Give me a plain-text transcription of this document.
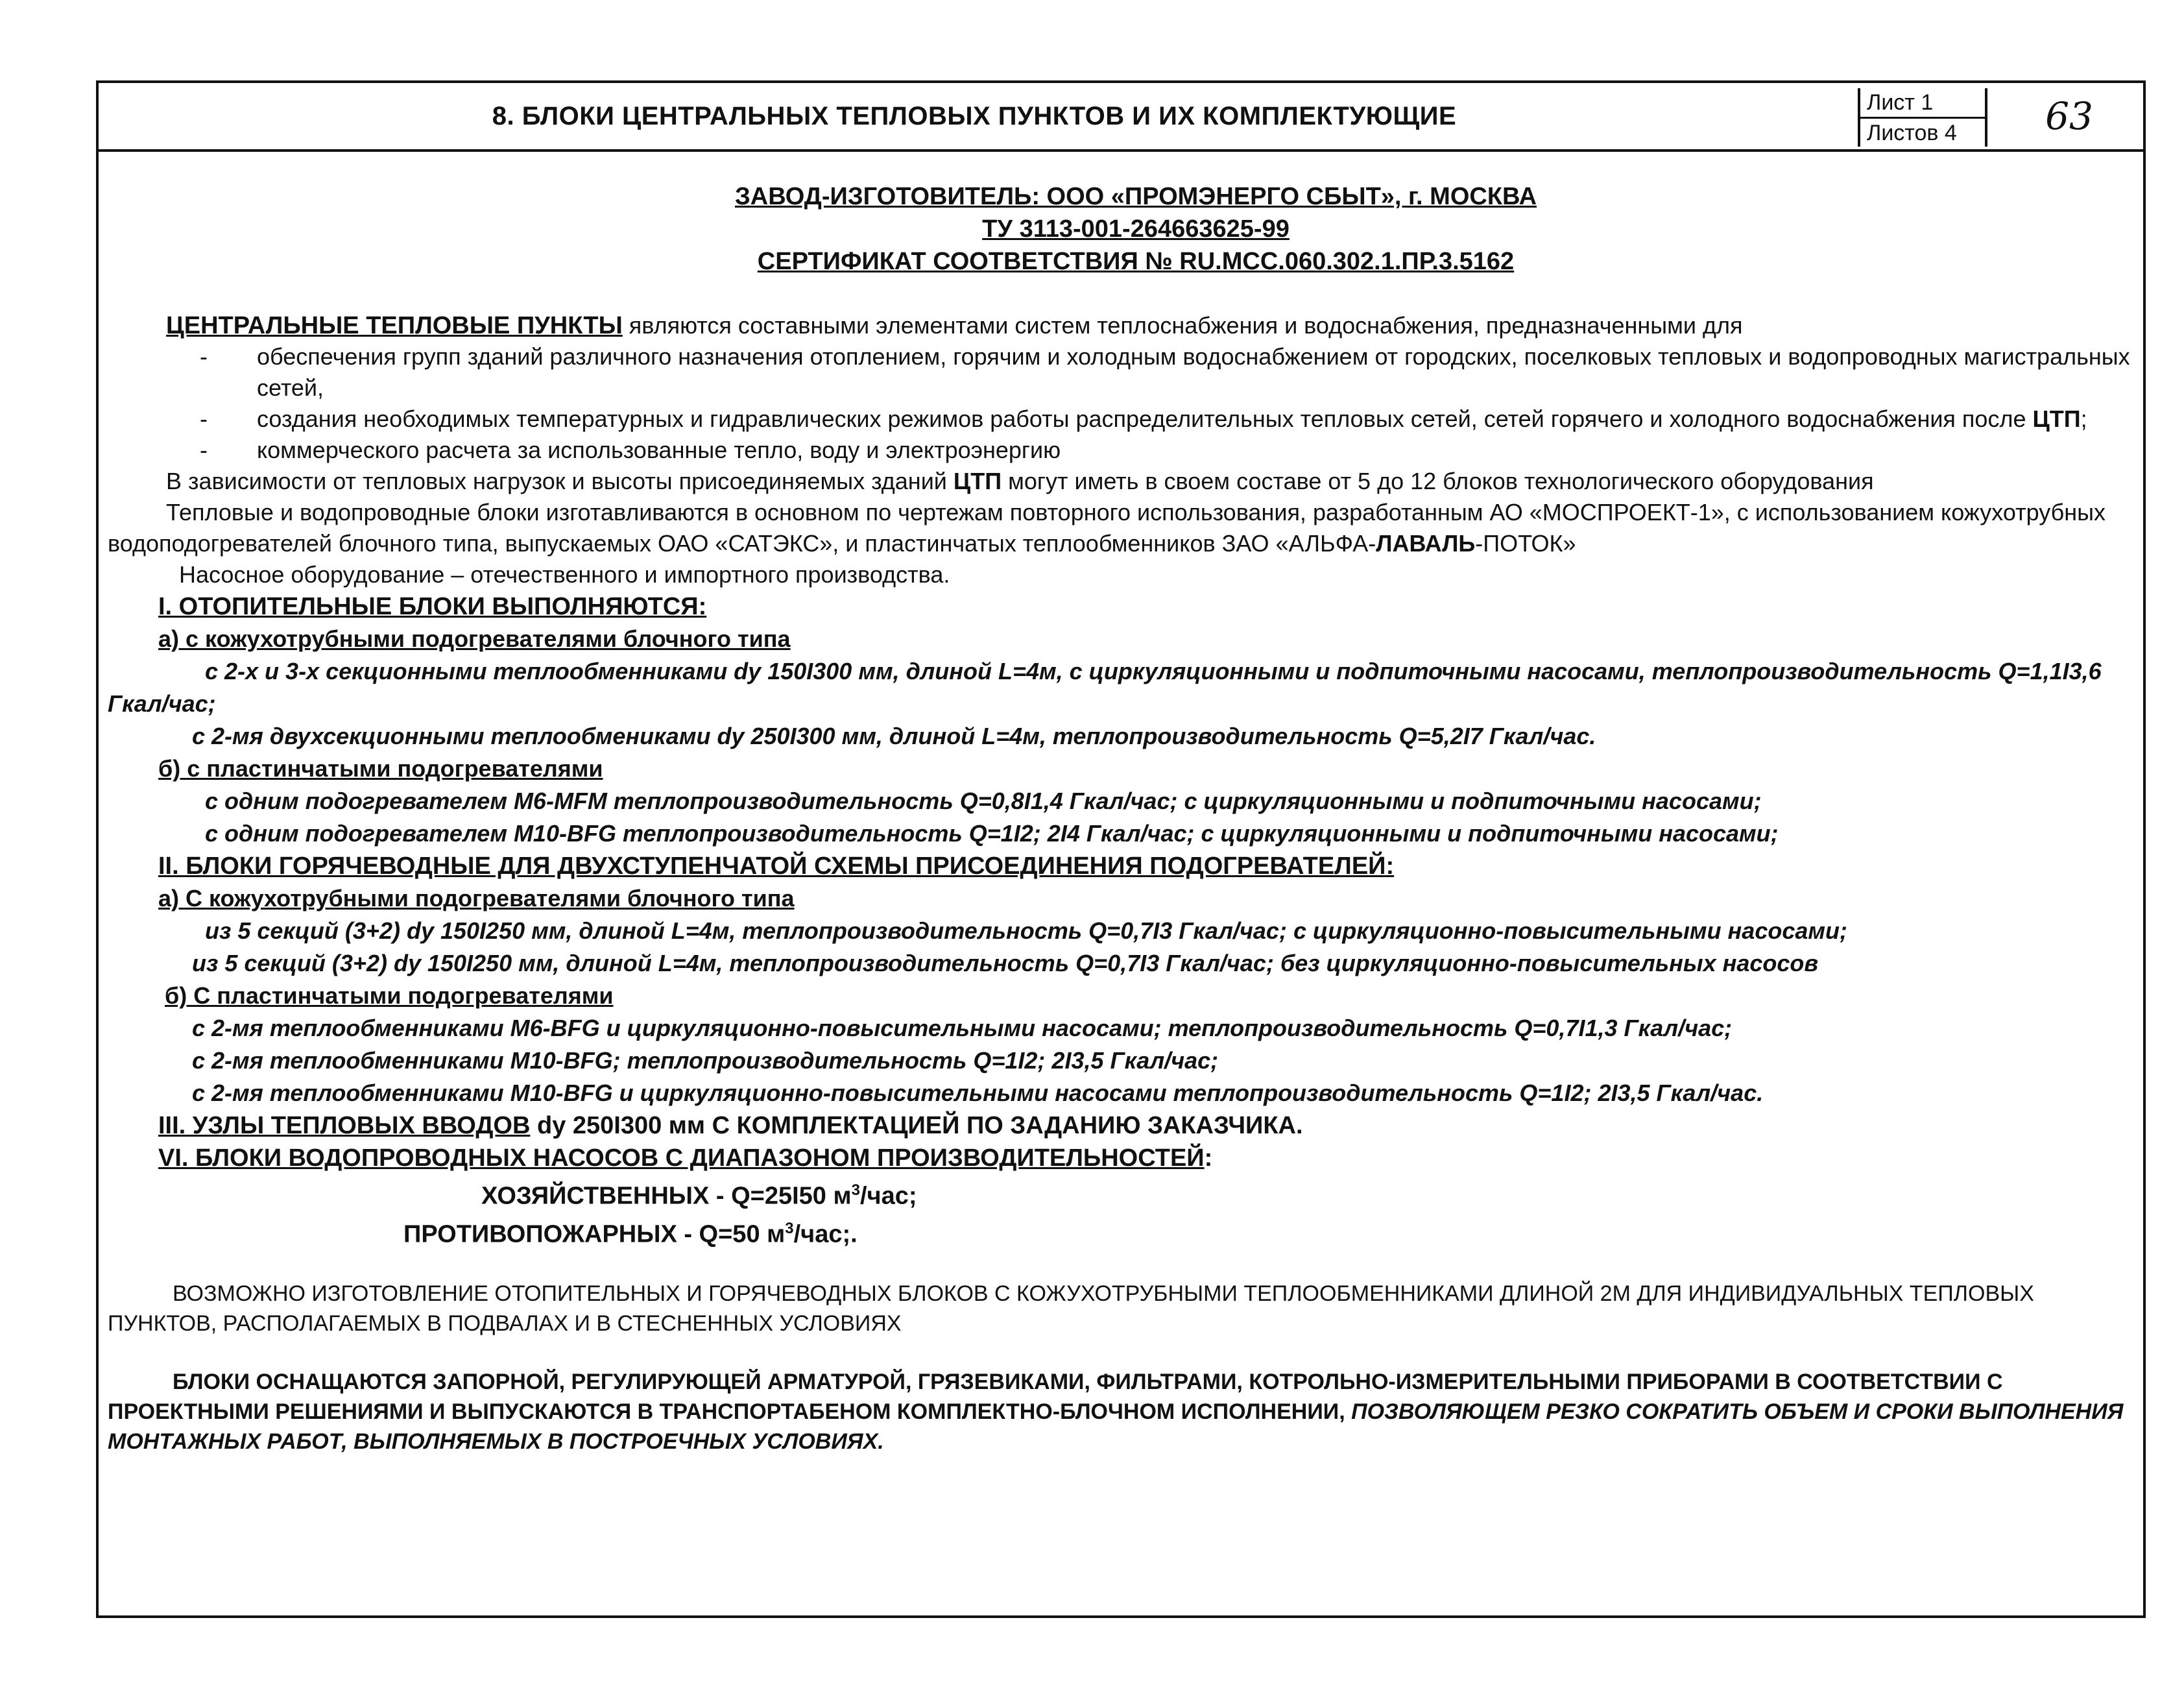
8. БЛОКИ ЦЕНТРАЛЬНЫХ ТЕПЛОВЫХ ПУНКТОВ И ИХ КОМПЛЕКТУЮЩИЕ	Лист 1
Листов 4	63
ЗАВОД-ИЗГОТОВИТЕЛЬ: ООО «ПРОМЭНЕРГО СБЫТ», г. МОСКВА
ТУ 3113-001-264663625-99
СЕРТИФИКАТ СООТВЕТСТВИЯ № RU.MCC.060.302.1.ПР.3.5162

ЦЕНТРАЛЬНЫЕ ТЕПЛОВЫЕ ПУНКТЫ являются составными элементами систем теплоснабжения и водоснабжения, предназначенными для

- обеспечения групп зданий различного назначения отоплением, горячим и холодным водоснабжением от городских, поселковых тепловых и водопроводных магистральных сетей,
- создания необходимых температурных и гидравлических режимов работы распределительных тепловых сетей, сетей горячего и холодного водоснабжения после ЦТП;
- коммерческого расчета за использованные тепло, воду и электроэнергию

В зависимости от тепловых нагрузок и высоты присоединяемых зданий ЦТП могут иметь в своем составе от 5 до 12 блоков технологического оборудования

Тепловые и водопроводные блоки изготавливаются в основном по чертежам повторного использования, разработанным АО «МОСПРОЕКТ-1», с использованием кожухотрубных водоподогревателей блочного типа, выпускаемых ОАО «САТЭКС», и пластинчатых теплообменников ЗАО «АЛЬФА-ЛАВАЛЬ-ПОТОК»

Насосное оборудование – отечественного и импортного производства.

I. ОТОПИТЕЛЬНЫЕ БЛОКИ ВЫПОЛНЯЮТСЯ:

а) с кожухотрубными подогревателями блочного типа

с 2-х и 3-х секционными теплообменниками dy 150I300 мм, длиной L=4м, с циркуляционными и подпиточными насосами, теплопроизводительность Q=1,1I3,6 Гкал/час;

с 2-мя двухсекционными теплообмениками dy 250I300 мм, длиной L=4м, теплопроизводительность Q=5,2I7 Гкал/час.

б) с пластинчатыми подогревателями

с одним подогревателем M6-MFM теплопроизводительность Q=0,8I1,4 Гкал/час; с циркуляционными и подпиточными насосами;

с одним подогревателем M10-BFG теплопроизводительность Q=1I2; 2I4 Гкал/час; с циркуляционными и подпиточными насосами;

II. БЛОКИ ГОРЯЧЕВОДНЫЕ ДЛЯ ДВУХСТУПЕНЧАТОЙ СХЕМЫ ПРИСОЕДИНЕНИЯ ПОДОГРЕВАТЕЛЕЙ:

а) С кожухотрубными подогревателями блочного типа

из 5 секций (3+2) dy 150I250 мм, длиной L=4м, теплопроизводительность Q=0,7I3 Гкал/час; с циркуляционно-повысительными насосами;

из 5 секций (3+2) dy 150I250 мм, длиной L=4м, теплопроизводительность Q=0,7I3 Гкал/час; без циркуляционно-повысительных насосов

б) С пластинчатыми подогревателями

с 2-мя теплообменниками M6-BFG и циркуляционно-повысительными насосами; теплопроизводительность Q=0,7I1,3 Гкал/час;

с 2-мя теплообменниками M10-BFG; теплопроизводительность Q=1I2; 2I3,5 Гкал/час;

с 2-мя теплообменниками M10-BFG и циркуляционно-повысительными насосами теплопроизводительность Q=1I2; 2I3,5 Гкал/час.

III. УЗЛЫ ТЕПЛОВЫХ ВВОДОВ dy 250I300 мм С КОМПЛЕКТАЦИЕЙ ПО ЗАДАНИЮ ЗАКАЗЧИКА.

VI. БЛОКИ ВОДОПРОВОДНЫХ НАСОСОВ С ДИАПАЗОНОМ ПРОИЗВОДИТЕЛЬНОСТЕЙ:

ХОЗЯЙСТВЕННЫХ - Q=25I50 $м^3$/час;

ПРОТИВОПОЖАРНЫХ - Q=50 $м^3$/час;.

ВОЗМОЖНО ИЗГОТОВЛЕНИЕ ОТОПИТЕЛЬНЫХ И ГОРЯЧЕВОДНЫХ БЛОКОВ С КОЖУХОТРУБНЫМИ ТЕПЛООБМЕННИКАМИ ДЛИНОЙ 2М ДЛЯ ИНДИВИДУАЛЬНЫХ ТЕПЛОВЫХ ПУНКТОВ, РАСПОЛАГАЕМЫХ В ПОДВАЛАХ И В СТЕСНЕННЫХ УСЛОВИЯХ

БЛОКИ ОСНАЩАЮТСЯ ЗАПОРНОЙ, РЕГУЛИРУЮЩЕЙ АРМАТУРОЙ, ГРЯЗЕВИКАМИ, ФИЛЬТРАМИ, КОТРОЛЬНО-ИЗМЕРИТЕЛЬНЫМИ ПРИБОРАМИ В СООТВЕТСТВИИ С ПРОЕКТНЫМИ РЕШЕНИЯМИ И ВЫПУСКАЮТСЯ В ТРАНСПОРТАБЕНОМ КОМПЛЕКТНО-БЛОЧНОМ ИСПОЛНЕНИИ, ПОЗВОЛЯЮЩЕМ РЕЗКО СОКРАТИТЬ ОБЪЕМ И СРОКИ ВЫПОЛНЕНИЯ МОНТАЖНЫХ РАБОТ, ВЫПОЛНЯЕМЫХ В ПОСТРОЕЧНЫХ УСЛОВИЯХ.
